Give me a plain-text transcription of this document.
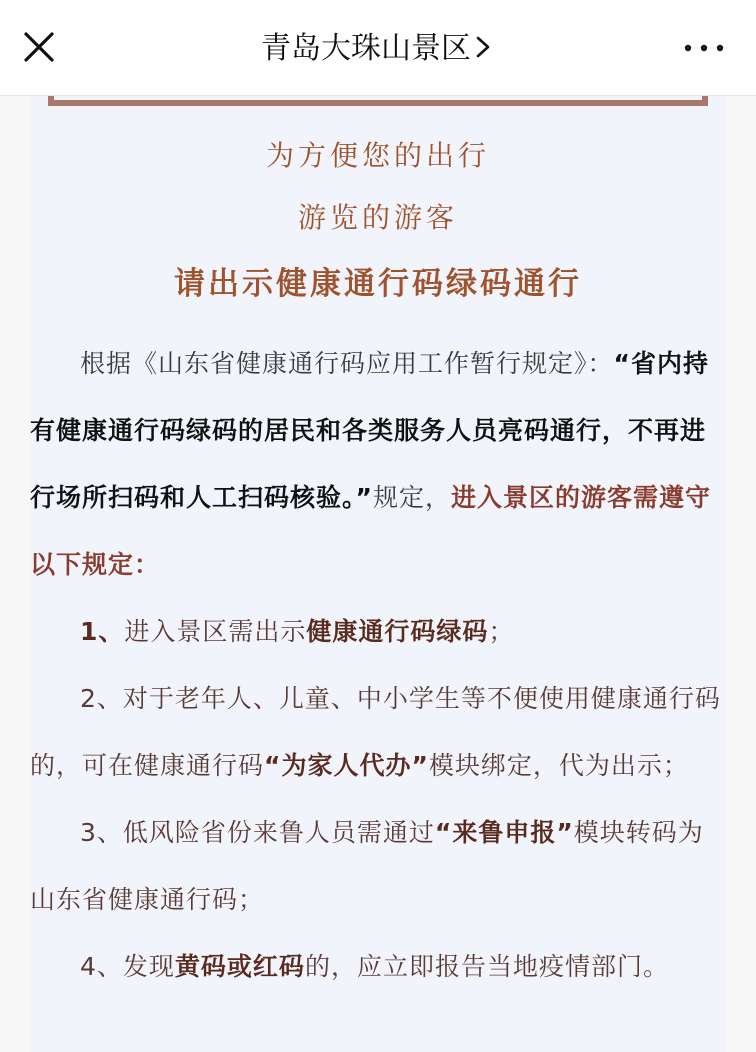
青岛大珠山景区
为方便您的出行
游览的游客
请出示健康通行码绿码通行

根据《山东省健康通行码应用工作暂行规定》：“省内持有健康通行码绿码的居民和各类服务人员亮码通行，不再进行场所扫码和人工扫码核验。”规定，进入景区的游客需遵守以下规定：

1、进入景区需出示健康通行码绿码；

2、对于老年人、儿童、中小学生等不便使用健康通行码的，可在健康通行码“为家人代办”模块绑定，代为出示；

3、低风险省份来鲁人员需通过“来鲁申报”模块转码为山东省健康通行码；

4、发现黄码或红码的，应立即报告当地疫情部门。
